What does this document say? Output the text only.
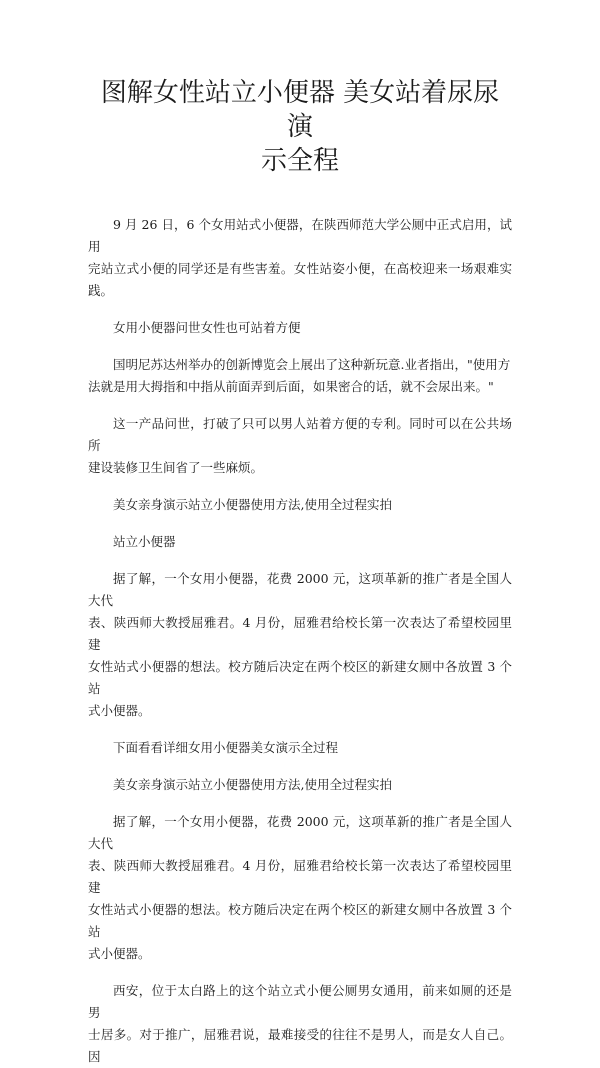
图解女性站立小便器 美女站着尿尿演
示全程

9 月 26 日，6 个女用站式小便器，在陕西师范大学公厕中正式启用，试用
完站立式小便的同学还是有些害羞。女性站姿小便，在高校迎来一场艰难实践。

女用小便器问世女性也可站着方便

国明尼苏达州举办的创新博览会上展出了这种新玩意.业者指出，"使用方
法就是用大拇指和中指从前面弄到后面，如果密合的话，就不会尿出来。"

这一产品问世，打破了只可以男人站着方便的专利。同时可以在公共场所
建设装修卫生间省了一些麻烦。

美女亲身演示站立小便器使用方法,使用全过程实拍

站立小便器

据了解，一个女用小便器，花费 2000 元，这项革新的推广者是全国人大代
表、陕西师大教授屈雅君。4 月份，屈雅君给校长第一次表达了希望校园里建
女性站式小便器的想法。校方随后决定在两个校区的新建女厕中各放置 3 个站
式小便器。

下面看看详细女用小便器美女演示全过程

美女亲身演示站立小便器使用方法,使用全过程实拍

据了解，一个女用小便器，花费 2000 元，这项革新的推广者是全国人大代
表、陕西师大教授屈雅君。4 月份，屈雅君给校长第一次表达了希望校园里建
女性站式小便器的想法。校方随后决定在两个校区的新建女厕中各放置 3 个站
式小便器。

西安，位于太白路上的这个站立式小便公厕男女通用，前来如厕的还是男
士居多。对于推广，屈雅君说，最难接受的往往不是男人，而是女人自己。因
